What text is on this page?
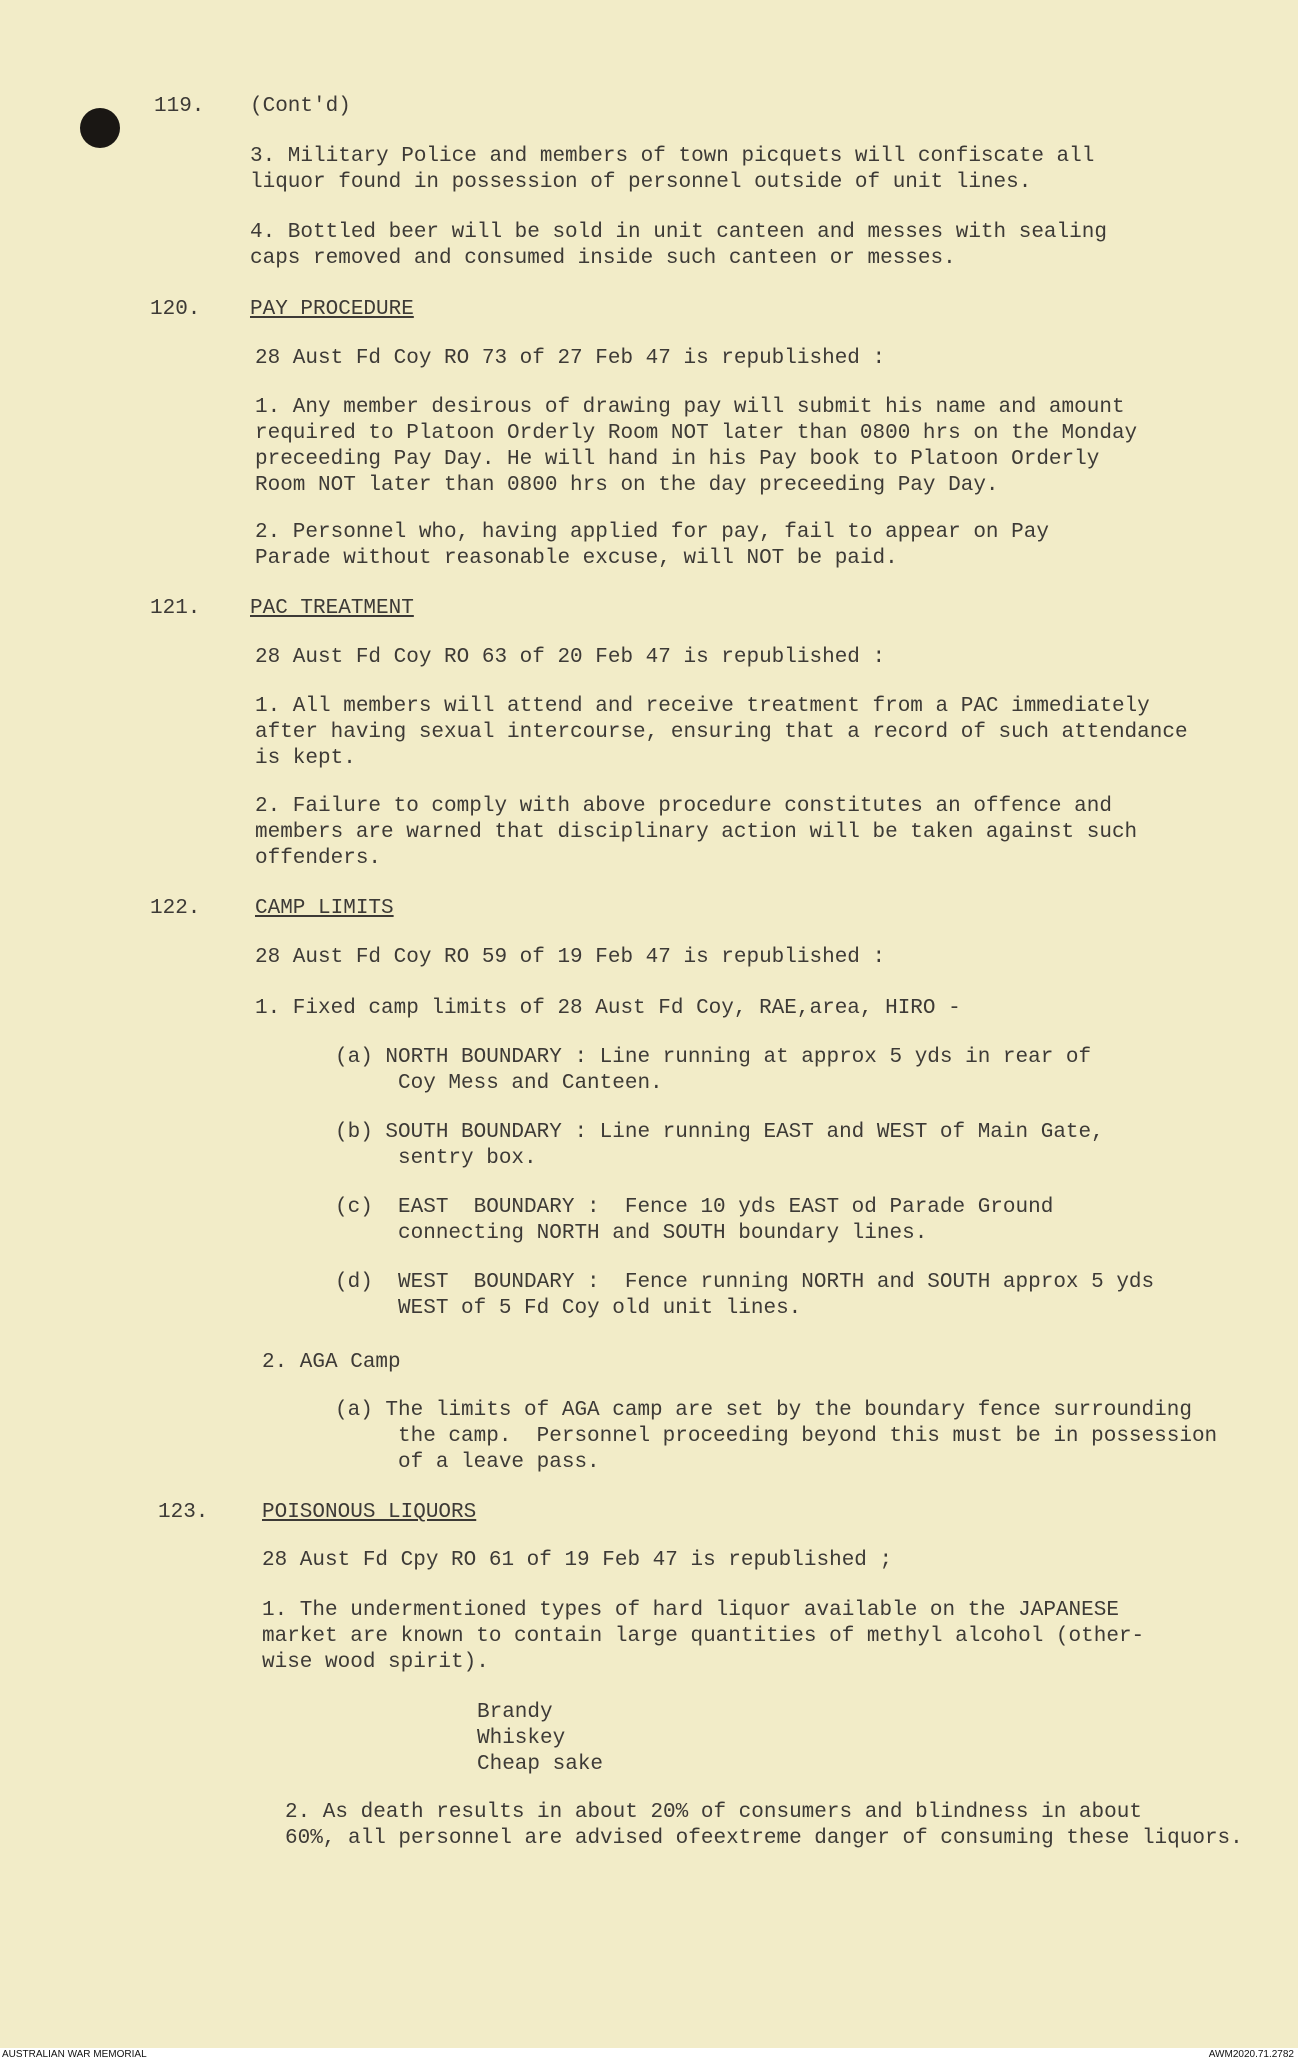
119. (Cont'd)
3. Military Police and members of town picquets will confiscate all
liquor found in possession of personnel outside of unit lines.
4. Bottled beer will be sold in unit canteen and messes with sealing
caps removed and consumed inside such canteen or messes.
120. PAY PROCEDURE
28 Aust Fd Coy RO 73 of 27 Feb 47 is republished :
1. Any member desirous of drawing pay will submit his name and amount
required to Platoon Orderly Room NOT later than 0800 hrs on the Monday
preceeding Pay Day. He will hand in his Pay book to Platoon Orderly
Room NOT later than 0800 hrs on the day preceeding Pay Day.
2. Personnel who, having applied for pay, fail to appear on Pay
Parade without reasonable excuse, will NOT be paid.
121. PAC TREATMENT
28 Aust Fd Coy RO 63 of 20 Feb 47 is republished :
1. All members will attend and receive treatment from a PAC immediately
after having sexual intercourse, ensuring that a record of such attendance
is kept.
2. Failure to comply with above procedure constitutes an offence and
members are warned that disciplinary action will be taken against such
offenders.
122.	CAMP LIMITS
28 Aust Fd Coy RO 59 of 19 Feb 47 is republished :
1. Fixed camp limits of 28 Aust Fd Coy, RAE,area, HIRO -
(a) NORTH BOUNDARY : Line running at approx 5 yds in rear of
Coy Mess and Canteen.
(b) SOUTH BOUNDARY : Line running EAST and WEST of Main Gate,
sentry box.
(c)  EAST  BOUNDARY :  Fence 10 yds EAST od Parade Ground
connecting NORTH and SOUTH boundary lines.
(d)  WEST  BOUNDARY :  Fence running NORTH and SOUTH approx 5 yds
WEST of 5 Fd Coy old unit lines.
2. AGA Camp
(a) The limits of AGA camp are set by the boundary fence surrounding
the camp.  Personnel proceeding beyond this must be in possession
of a leave pass.
123.	POISONOUS LIQUORS
28 Aust Fd Cpy RO 61 of 19 Feb 47 is republished ;
1. The undermentioned types of hard liquor available on the JAPANESE
market are known to contain large quantities of methyl alcohol (other-
wise wood spirit).
Brandy
Whiskey
Cheap sake
2. As death results in about 20% of consumers and blindness in about
60%, all personnel are advised ofeextreme danger of consuming these liquors.
AUSTRALIAN WAR MEMORIAL	AWM2020.71.2782
